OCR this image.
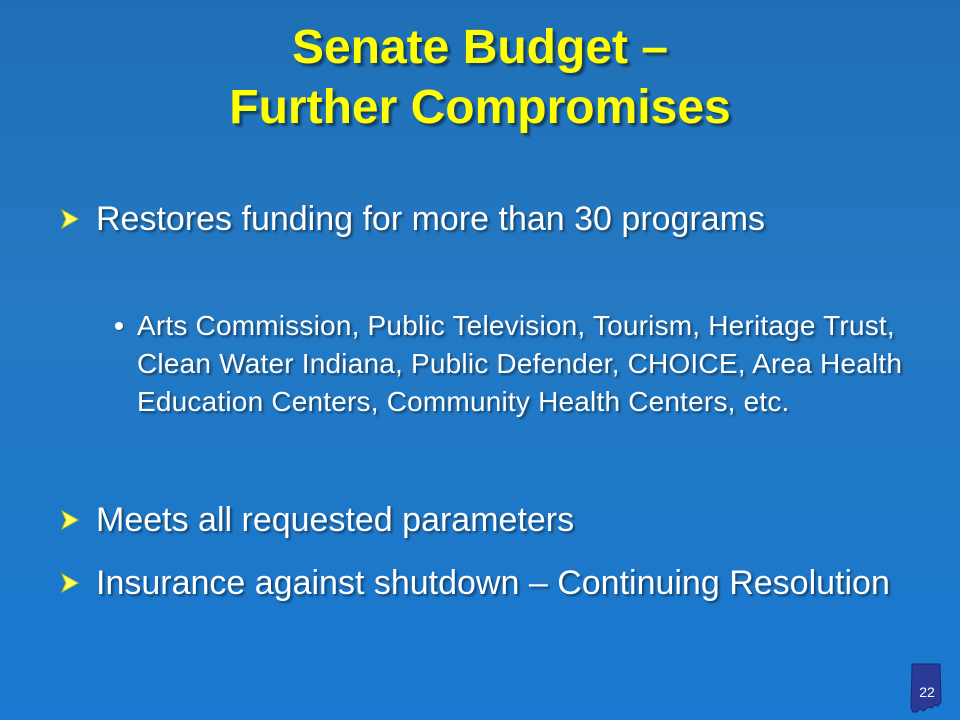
Senate Budget –
Further Compromises
Restores funding for more than 30 programs
Arts Commission, Public Television, Tourism, Heritage Trust, Clean Water Indiana, Public Defender, CHOICE, Area Health Education Centers, Community Health Centers, etc.
Meets all requested parameters
Insurance against shutdown – Continuing Resolution
22
